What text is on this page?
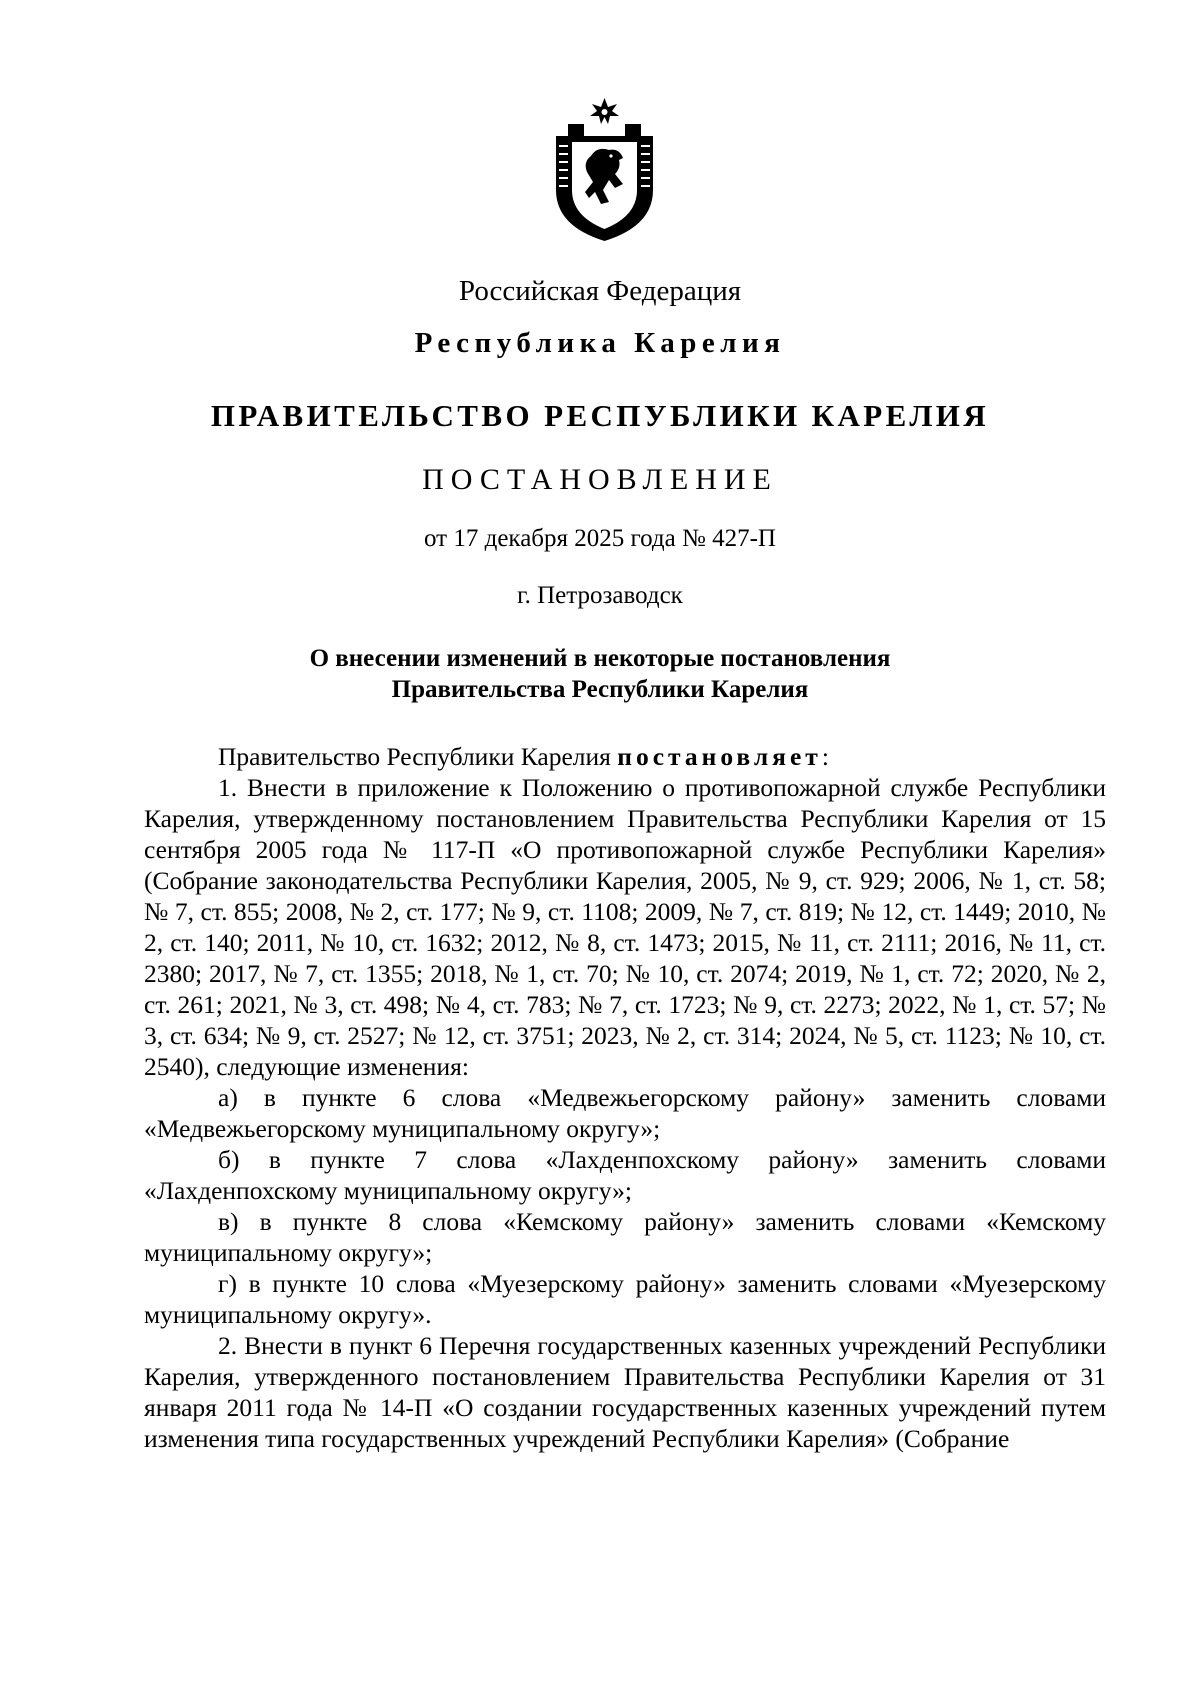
Российская Федерация
Республика Карелия
ПРАВИТЕЛЬСТВО РЕСПУБЛИКИ КАРЕЛИЯ
ПОСТАНОВЛЕНИЕ
от 17 декабря 2025 года № 427-П
г. Петрозаводск
О внесении изменений в некоторые постановления
Правительства Республики Карелия

Правительство Республики Карелия постановляет:

1. Внести в приложение к Положению о противопожарной службе Республики Карелия, утвержденному постановлением Правительства Республики Карелия от 15 сентября 2005 года № 117-П «О противопожарной службе Республики Карелия» (Собрание законодательства Республики Карелия, 2005, № 9, ст. 929; 2006, № 1, ст. 58; № 7, ст. 855; 2008, № 2, ст. 177; № 9, ст. 1108; 2009, № 7, ст. 819; № 12, ст. 1449; 2010, № 2, ст. 140; 2011, № 10, ст. 1632; 2012, № 8, ст. 1473; 2015, № 11, ст. 2111; 2016, № 11, ст. 2380; 2017, № 7, ст. 1355; 2018, № 1, ст. 70; № 10, ст. 2074; 2019, № 1, ст. 72; 2020, № 2, ст. 261; 2021, № 3, ст. 498; № 4, ст. 783; № 7, ст. 1723; № 9, ст. 2273; 2022, № 1, ст. 57; № 3, ст. 634; № 9, ст. 2527; № 12, ст. 3751; 2023, № 2, ст. 314; 2024, № 5, ст. 1123; № 10, ст. 2540), следующие изменения:

а) в пункте 6 слова «Медвежьегорскому району» заменить словами «Медвежьегорскому муниципальному округу»;

б) в пункте 7 слова «Лахденпохскому району» заменить словами «Лахденпохскому муниципальному округу»;

в) в пункте 8 слова «Кемскому району» заменить словами «Кемскому муниципальному округу»;

г) в пункте 10 слова «Муезерскому району» заменить словами «Муезерскому муниципальному округу».

2. Внести в пункт 6 Перечня государственных казенных учреждений Республики Карелия, утвержденного постановлением Правительства Республики Карелия от 31 января 2011 года № 14-П «О создании государственных казенных учреждений путем изменения типа государственных учреждений Республики Карелия» (Собрание
